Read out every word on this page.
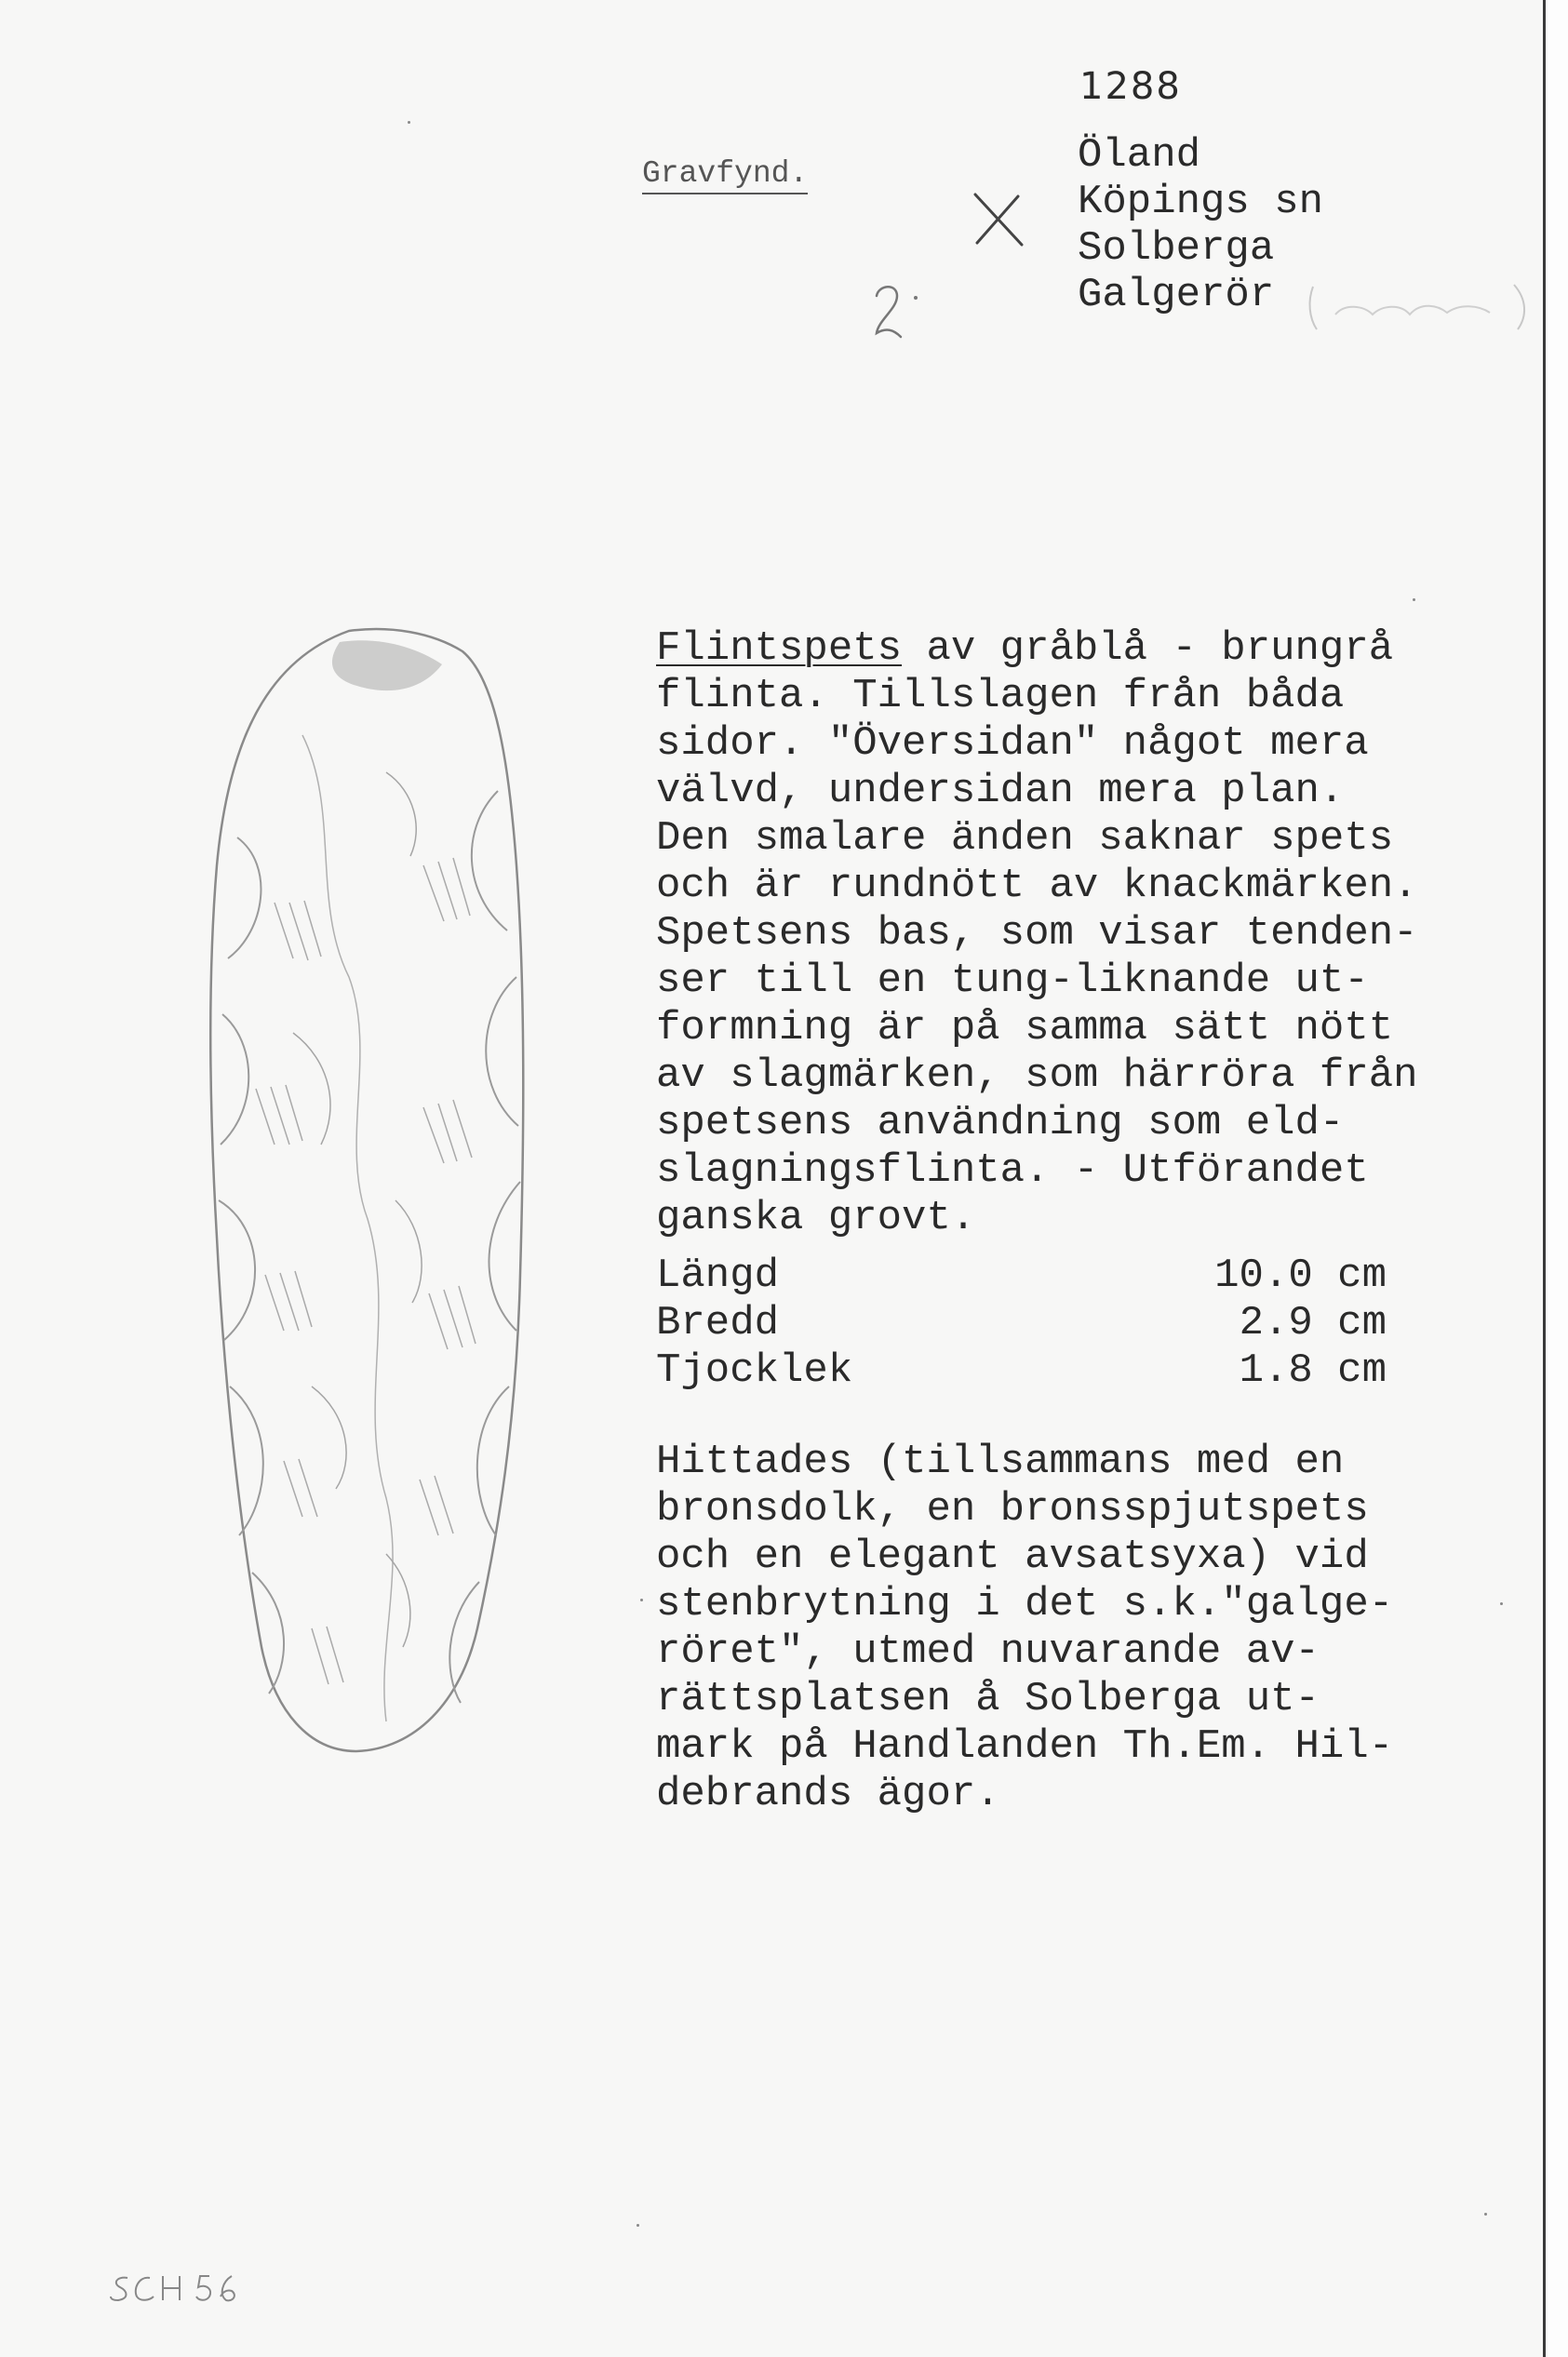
1288
Gravfynd.	Öland
Köpings sn
Solberga
Galgerör
Flintspets av gråblå - brungrå
flinta. Tillslagen från båda
sidor. "Översidan" något mera
välvd, undersidan mera plan.
Den smalare änden saknar spets
och är rundnött av knackmärken.
Spetsens bas, som visar tenden-
ser till en tung-liknande ut-
formning är på samma sätt nött
av slagmärken, som härröra från
spetsens användning som eld-
slagningsflinta. - Utförandet
ganska grovt.
Längd	10.0 cm
Bredd	2.9 cm
Tjocklek	1.8 cm
Hittades (tillsammans med en
bronsdolk, en bronsspjutspets
och en elegant avsatsyxa) vid
stenbrytning i det s.k."galge-
röret", utmed nuvarande av-
rättsplatsen å Solberga ut-
mark på Handlanden Th.Em. Hil-
debrands ägor.
